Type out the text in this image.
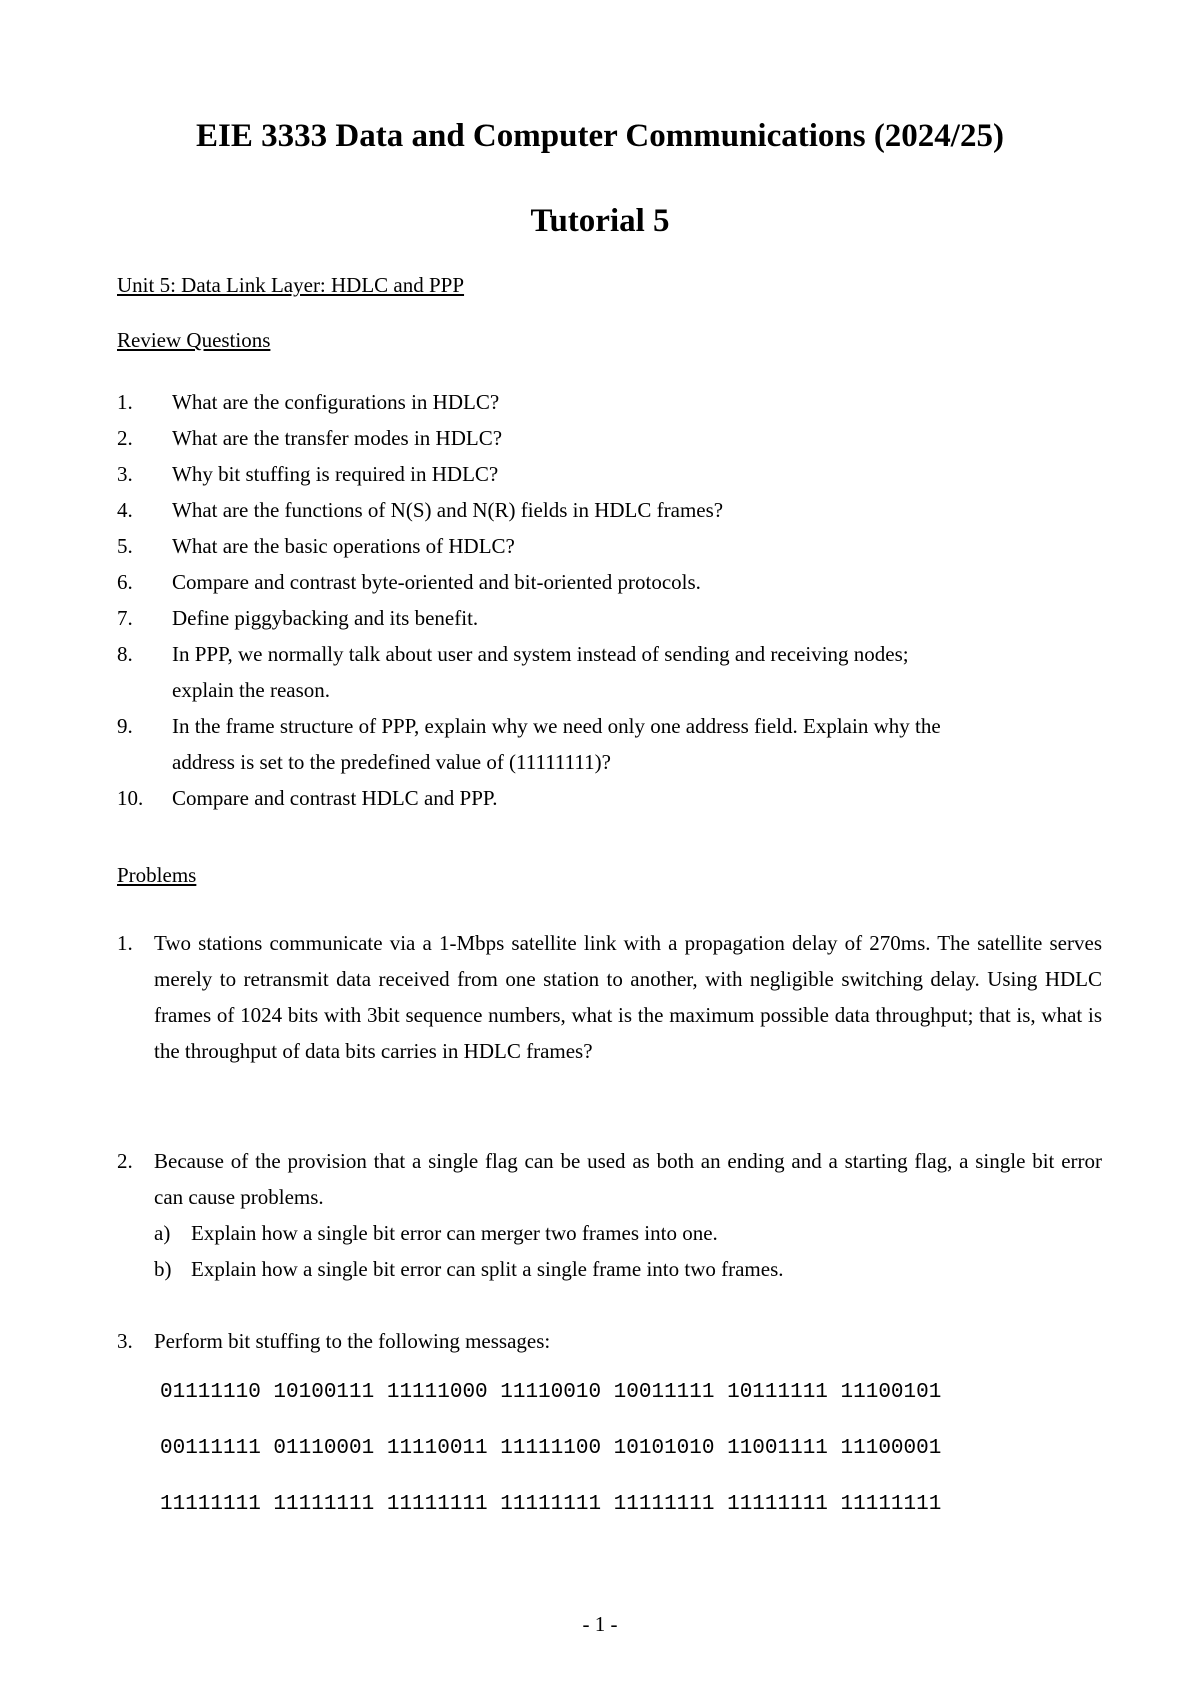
EIE 3333 Data and Computer Communications (2024/25)
Tutorial 5
Unit 5: Data Link Layer: HDLC and PPP
Review Questions
1. What are the configurations in HDLC?
2. What are the transfer modes in HDLC?
3. Why bit stuffing is required in HDLC?
4. What are the functions of N(S) and N(R) fields in HDLC frames?
5. What are the basic operations of HDLC?
6. Compare and contrast byte-oriented and bit-oriented protocols.
7. Define piggybacking and its benefit.
8. In PPP, we normally talk about user and system instead of sending and receiving nodes;
explain the reason.
9. In the frame structure of PPP, explain why we need only one address field. Explain why the
address is set to the predefined value of (11111111)?
10. Compare and contrast HDLC and PPP.
Problems
1. Two stations communicate via a 1-Mbps satellite link with a propagation delay of 270ms. The satellite serves merely to retransmit data received from one station to another, with negligible switching delay. Using HDLC frames of 1024 bits with 3bit sequence numbers, what is the maximum possible data throughput; that is, what is the throughput of data bits carries in HDLC frames?
2. Because of the provision that a single flag can be used as both an ending and a starting flag, a single bit error can cause problems.
a) Explain how a single bit error can merger two frames into one.
b) Explain how a single bit error can split a single frame into two frames.
3. Perform bit stuffing to the following messages:
01111110 10100111 11111000 11110010 10011111 10111111 11100101
00111111 01110001 11110011 11111100 10101010 11001111 11100001
11111111 11111111 11111111 11111111 11111111 11111111 11111111
- 1 -
